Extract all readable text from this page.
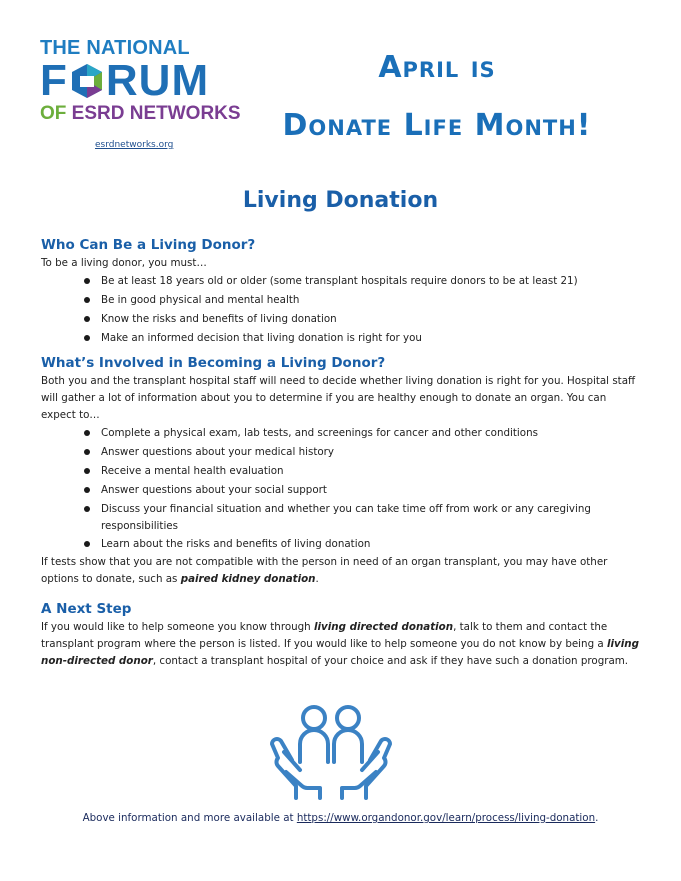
THE NATIONAL
F RUM
OF ESRD NETWORKS
esrdnetworks.org
April is
Donate Life Month!
Living Donation
Who Can Be a Living Donor?

To be a living donor, you must…

Be at least 18 years old or older (some transplant hospitals require donors to be at least 21)
Be in good physical and mental health
Know the risks and benefits of living donation
Make an informed decision that living donation is right for you
What’s Involved in Becoming a Living Donor?

Both you and the transplant hospital staff will need to decide whether living donation is right for you. Hospital staff will gather a lot of information about you to determine if you are healthy enough to donate an organ. You can expect to…

Complete a physical exam, lab tests, and screenings for cancer and other conditions
Answer questions about your medical history
Receive a mental health evaluation
Answer questions about your social support
Discuss your financial situation and whether you can take time off from work or any caregiving responsibilities
Learn about the risks and benefits of living donation

If tests show that you are not compatible with the person in need of an organ transplant, you may have other options to donate, such as paired kidney donation.

A Next Step

If you would like to help someone you know through living directed donation, talk to them and contact the transplant program where the person is listed. If you would like to help someone you do not know by being a living non-directed donor, contact a transplant hospital of your choice and ask if they have such a donation program.

Above information and more available at https://www.organdonor.gov/learn/process/living-donation.
